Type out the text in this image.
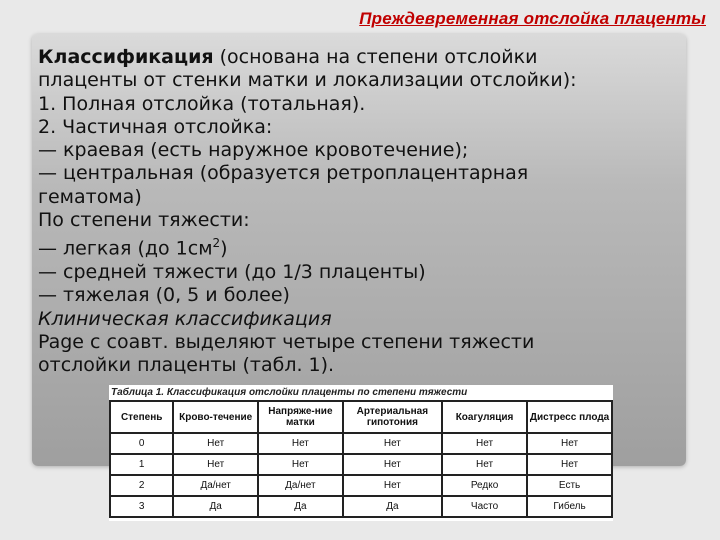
Преждевременная отслойка плаценты

Классификация (основана на степени отслойки

плаценты от стенки матки и локализации отслойки):

1. Полная отслойка (тотальная).

2. Частичная отслойка:

— краевая (есть наружное кровотечение);

— центральная (образуется ретроплацентарная

гематома)

По степени тяжести:

— легкая (до $1см^2$)

— средней тяжести (до 1/3 плаценты)

— тяжелая (0, 5 и более)

Клиническая классификация

Page с соавт. выделяют четыре степени тяжести

отслойки плаценты (табл. 1).

Таблица 1. Классификация отслойки плаценты по степени тяжести
Степень	Крово-течение	Напряже-ние матки	Артериальная гипотония	Коагуляция	Дистресс плода
0	Нет	Нет	Нет	Нет	Нет
1	Нет	Нет	Нет	Нет	Нет
2	Да/нет	Да/нет	Нет	Редко	Есть
3	Да	Да	Да	Часто	Гибель
